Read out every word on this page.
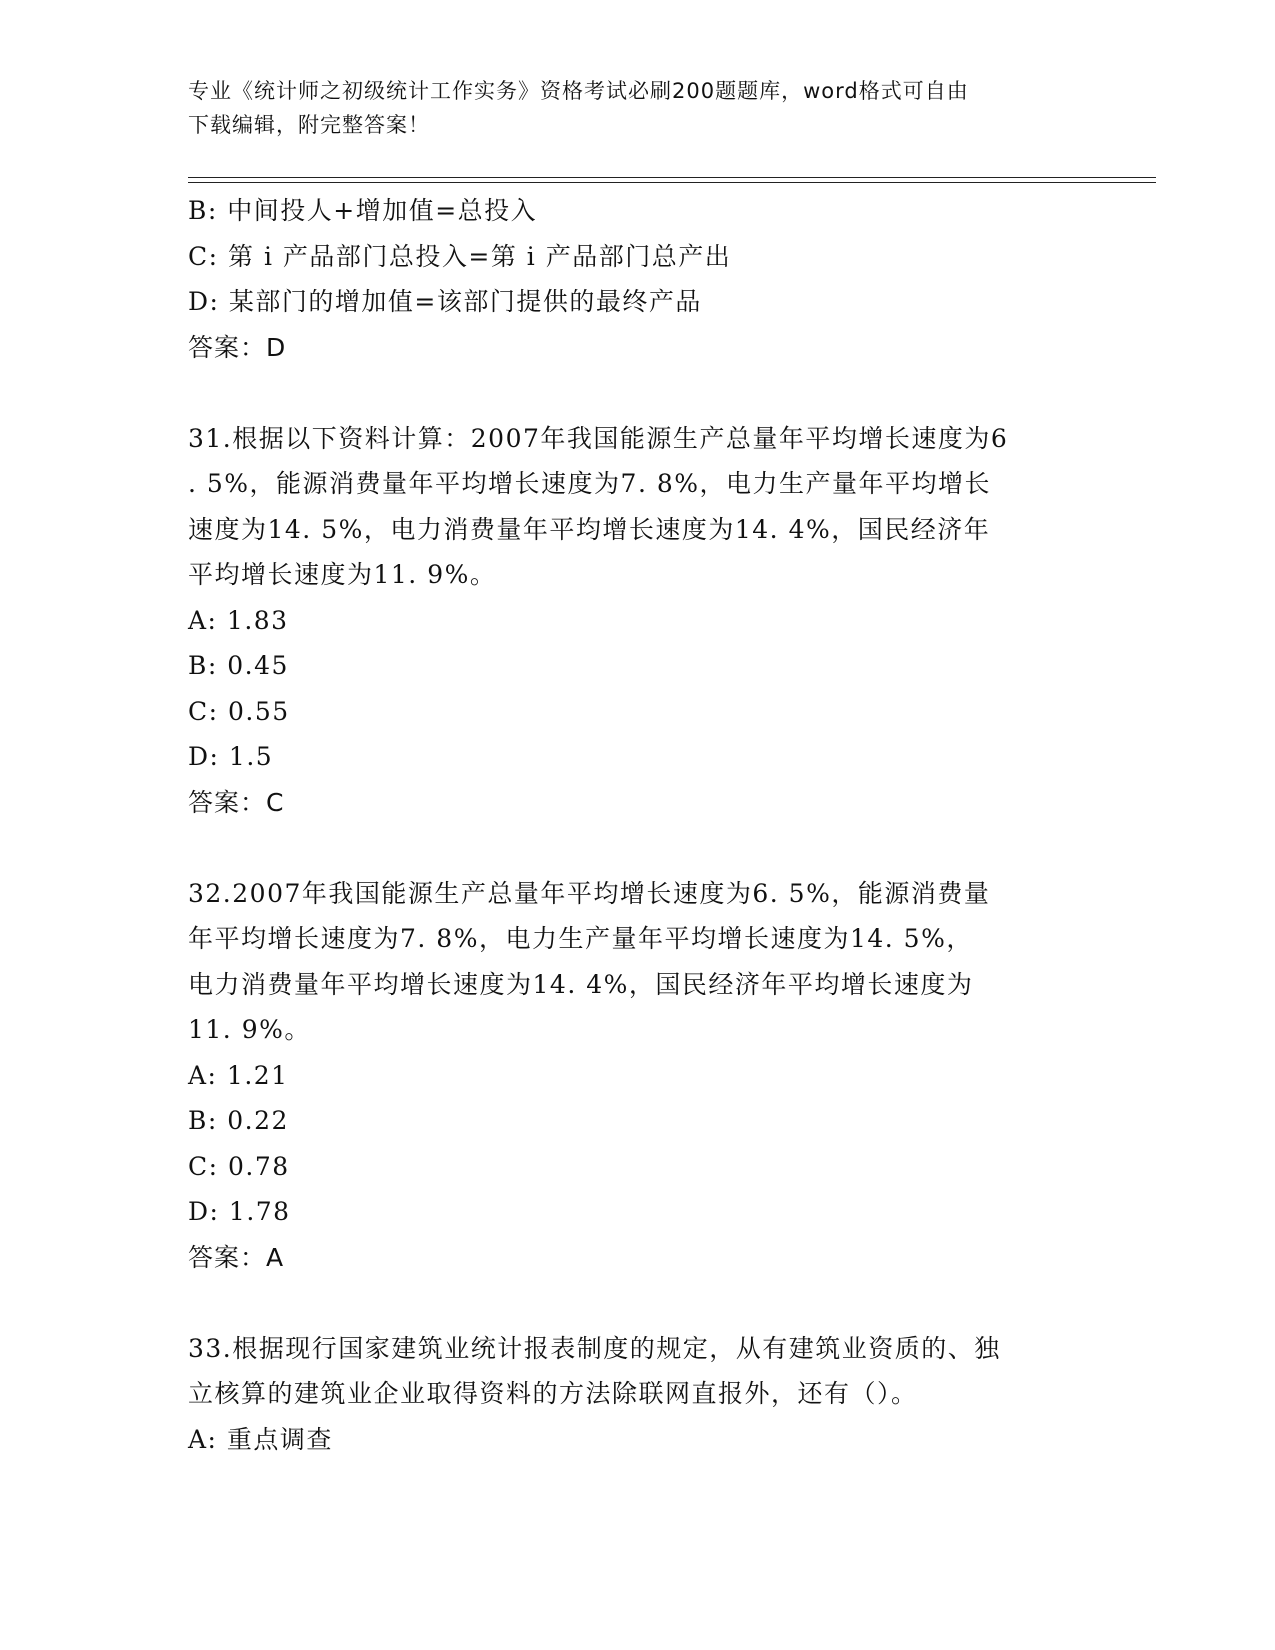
专业《统计师之初级统计工作实务》资格考试必刷200题题库，word格式可自由
下载编辑，附完整答案！
B: 中间投人+增加值=总投入
C: 第 i 产品部门总投入=第 i 产品部门总产出
D: 某部门的增加值=该部门提供的最终产品
答案：D
31.根据以下资料计算：2007年我国能源生产总量年平均增长速度为6
. 5%，能源消费量年平均增长速度为7. 8%，电力生产量年平均增长
速度为14. 5%，电力消费量年平均增长速度为14. 4%，国民经济年
平均增长速度为11. 9%。
A: 1.83
B: 0.45
C: 0.55
D: 1.5
答案：C
32.2007年我国能源生产总量年平均增长速度为6. 5%，能源消费量
年平均增长速度为7. 8%，电力生产量年平均增长速度为14. 5%，
电力消费量年平均增长速度为14. 4%，国民经济年平均增长速度为
11. 9%。
A: 1.21
B: 0.22
C: 0.78
D: 1.78
答案：A
33.根据现行国家建筑业统计报表制度的规定，从有建筑业资质的、独
立核算的建筑业企业取得资料的方法除联网直报外，还有（）。
A: 重点调查
